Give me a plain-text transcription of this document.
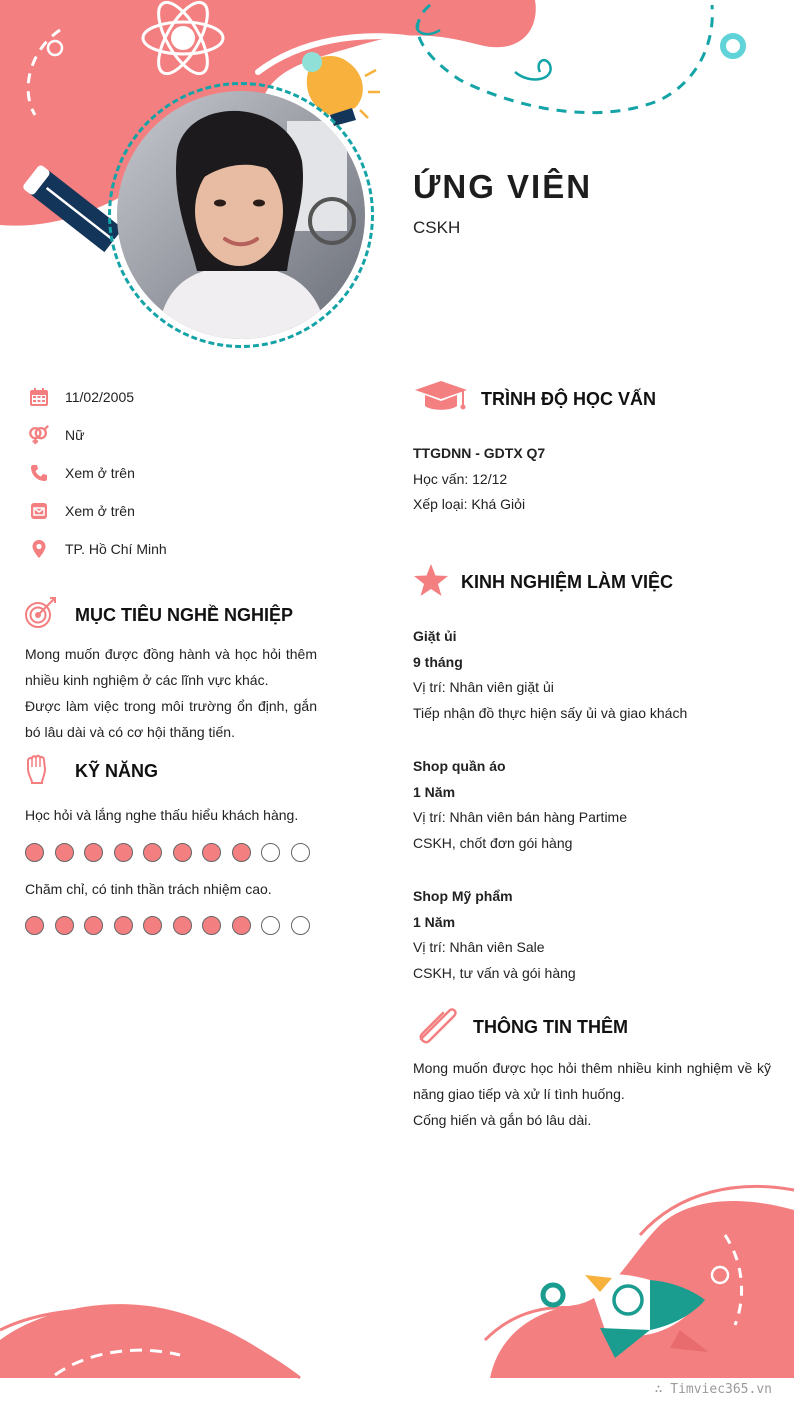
ỨNG VIÊN
CSKH
11/02/2005
Nữ
Xem ở trên
Xem ở trên
TP. Hồ Chí Minh
MỤC TIÊU NGHỀ NGHIỆP

Mong muốn được đồng hành và học hỏi thêm nhiều kinh nghiệm ở các lĩnh vực khác.

Được làm việc trong môi trường ổn định, gắn bó lâu dài và có cơ hội thăng tiến.

KỸ NĂNG
Học hỏi và lắng nghe thấu hiểu khách hàng.
Chăm chỉ, có tinh thần trách nhiệm cao.
TRÌNH ĐỘ HỌC VẤN
TTGDNN - GDTX Q7
Học vấn: 12/12
Xếp loại: Khá Giỏi
KINH NGHIỆM LÀM VIỆC
Giặt ủi
9 tháng
Vị trí: Nhân viên giặt ủi
Tiếp nhận đồ thực hiện sấy ủi và giao khách
Shop quần áo
1 Năm
Vị trí: Nhân viên bán hàng Partime
CSKH, chốt đơn gói hàng
Shop Mỹ phẩm
1 Năm
Vị trí: Nhân viên Sale
CSKH, tư vấn và gói hàng
THÔNG TIN THÊM

Mong muốn được học hỏi thêm nhiều kinh nghiệm về kỹ năng giao tiếp và xử lí tình huống.

Cống hiến và gắn bó lâu dài.

∴ Timviec365.vn
